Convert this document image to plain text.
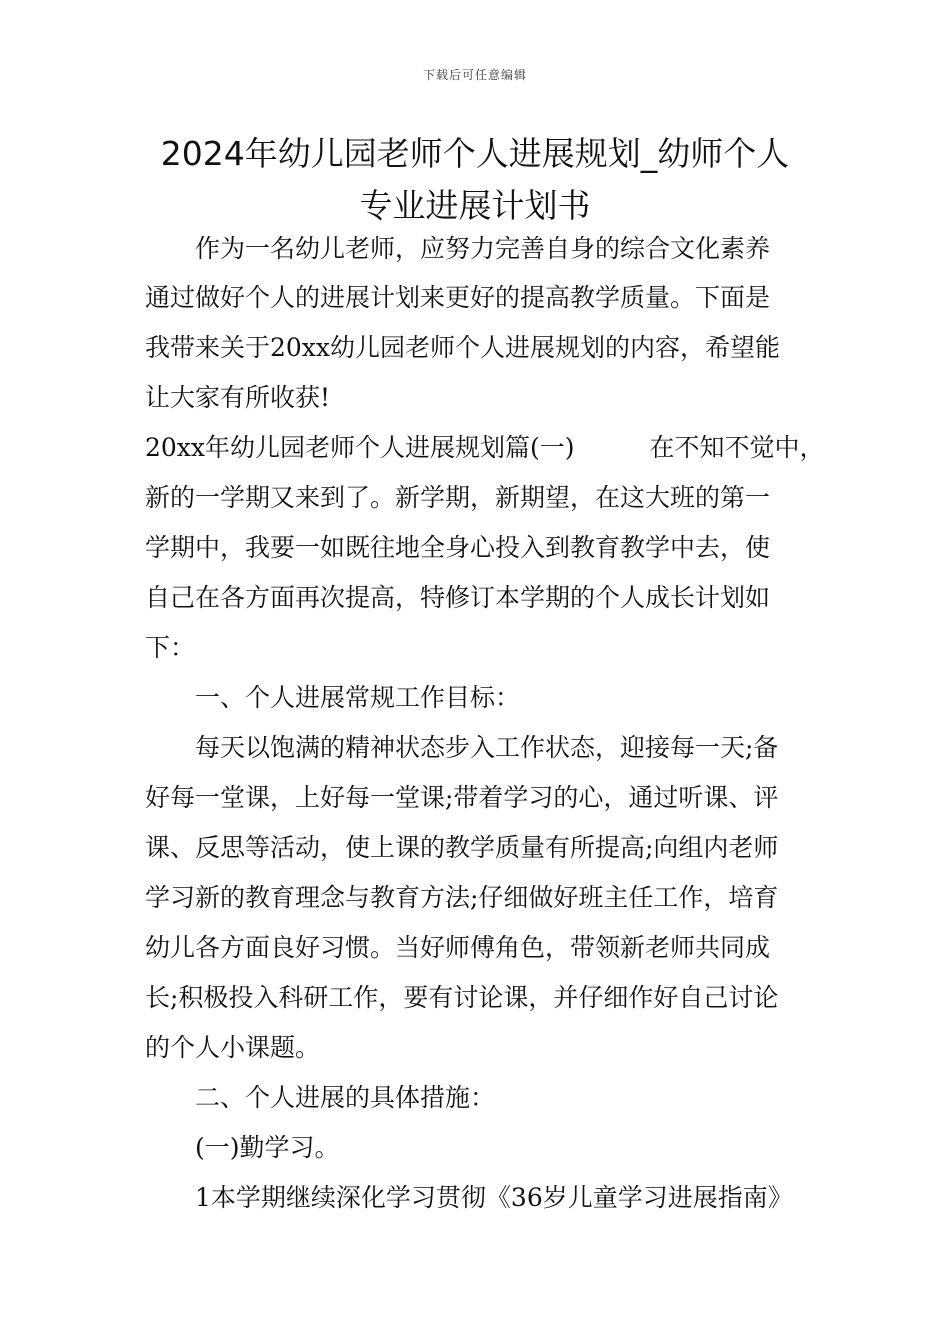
下载后可任意编辑
2024年幼儿园老师个人进展规划_幼师个人
专业进展计划书
　　作为一名幼儿老师，应努力完善自身的综合文化素养
通过做好个人的进展计划来更好的提高教学质量。下面是
我带来关于20xx幼儿园老师个人进展规划的内容，希望能
让大家有所收获!
20xx年幼儿园老师个人进展规划篇(一)　　　在不知不觉中，
新的一学期又来到了。新学期，新期望，在这大班的第一
学期中，我要一如既往地全身心投入到教育教学中去，使
自己在各方面再次提高，特修订本学期的个人成长计划如
下：
　　一、个人进展常规工作目标：
　　每天以饱满的精神状态步入工作状态，迎接每一天;备
好每一堂课，上好每一堂课;带着学习的心，通过听课、评
课、反思等活动，使上课的教学质量有所提高;向组内老师
学习新的教育理念与教育方法;仔细做好班主任工作，培育
幼儿各方面良好习惯。当好师傅角色，带领新老师共同成
长;积极投入科研工作，要有讨论课，并仔细作好自己讨论
的个人小课题。
　　二、个人进展的具体措施：
　　(一)勤学习。
　　1本学期继续深化学习贯彻《36岁儿童学习进展指南》
